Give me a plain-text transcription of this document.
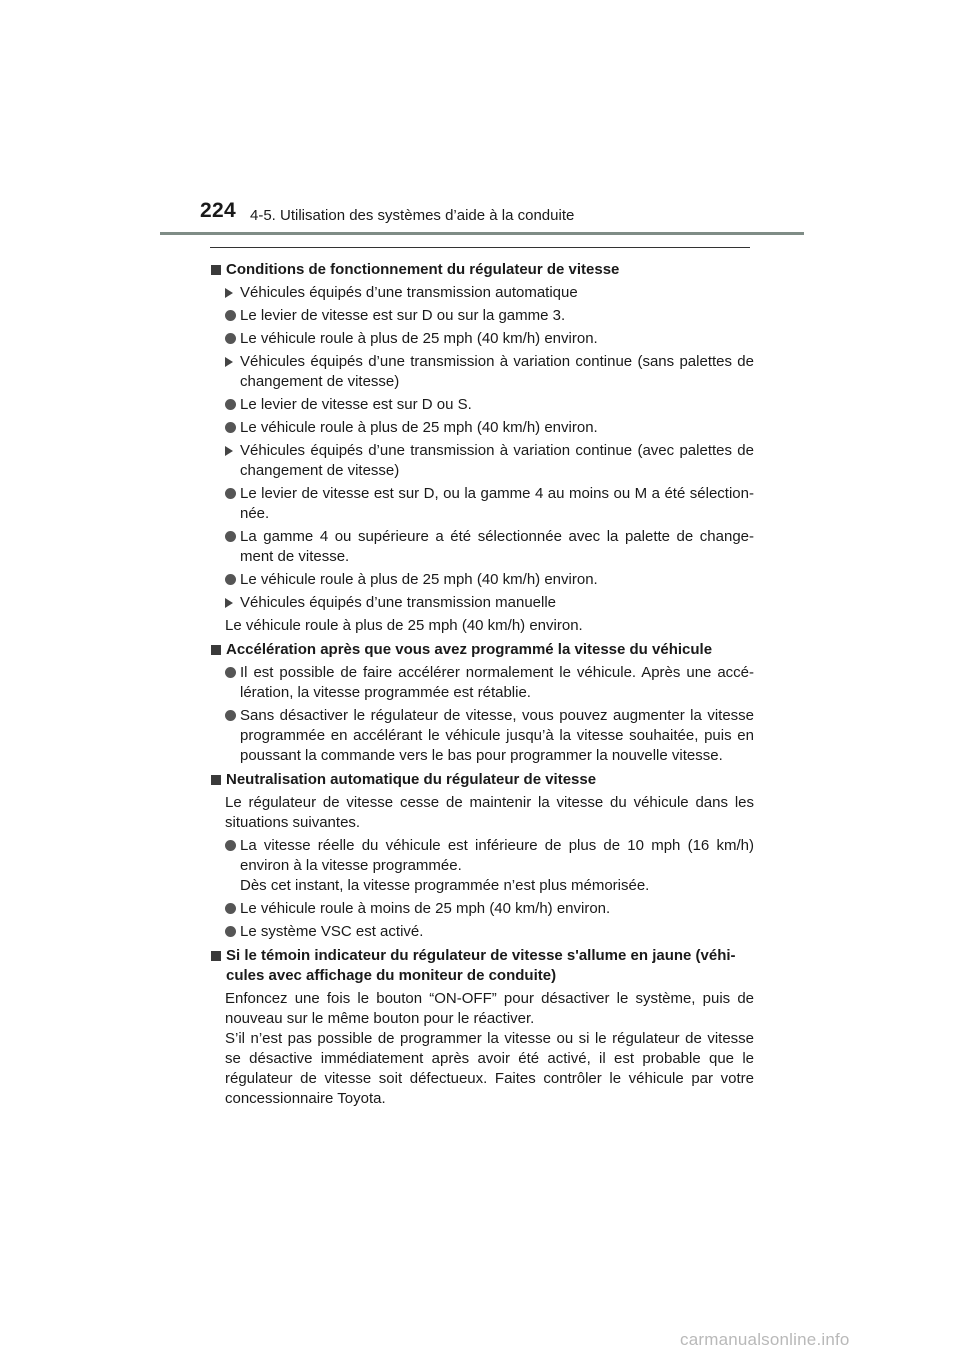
224 4-5. Utilisation des systèmes d’aide à la conduite
Conditions de fonctionnement du régulateur de vitesse
Véhicules équipés d’une transmission automatique
Le levier de vitesse est sur D ou sur la gamme 3.
Le véhicule roule à plus de 25 mph (40 km/h) environ.
Véhicules équipés d’une transmission à variation continue (sans palettes de changement de vitesse)
Le levier de vitesse est sur D ou S.
Le véhicule roule à plus de 25 mph (40 km/h) environ.
Véhicules équipés d’une transmission à variation continue (avec palettes de changement de vitesse)
Le levier de vitesse est sur D, ou la gamme 4 au moins ou M a été sélection-née.
La gamme 4 ou supérieure a été sélectionnée avec la palette de change-ment de vitesse.
Le véhicule roule à plus de 25 mph (40 km/h) environ.
Véhicules équipés d’une transmission manuelle
Le véhicule roule à plus de 25 mph (40 km/h) environ.
Accélération après que vous avez programmé la vitesse du véhicule
Il est possible de faire accélérer normalement le véhicule. Après une accé-lération, la vitesse programmée est rétablie.
Sans désactiver le régulateur de vitesse, vous pouvez augmenter la vitesse programmée en accélérant le véhicule jusqu’à la vitesse souhaitée, puis en poussant la commande vers le bas pour programmer la nouvelle vitesse.
Neutralisation automatique du régulateur de vitesse
Le régulateur de vitesse cesse de maintenir la vitesse du véhicule dans les situations suivantes.
La vitesse réelle du véhicule est inférieure de plus de 10 mph (16 km/h) environ à la vitesse programmée.
Dès cet instant, la vitesse programmée n’est plus mémorisée.
Le véhicule roule à moins de 25 mph (40 km/h) environ.
Le système VSC est activé.
Si le témoin indicateur du régulateur de vitesse s'allume en jaune (véhi-cules avec affichage du moniteur de conduite)
Enfoncez une fois le bouton “ON-OFF” pour désactiver le système, puis de nouveau sur le même bouton pour le réactiver.
S’il n’est pas possible de programmer la vitesse ou si le régulateur de vitesse se désactive immédiatement après avoir été activé, il est probable que le régulateur de vitesse soit défectueux. Faites contrôler le véhicule par votre concessionnaire Toyota.
carmanualsonline.info
